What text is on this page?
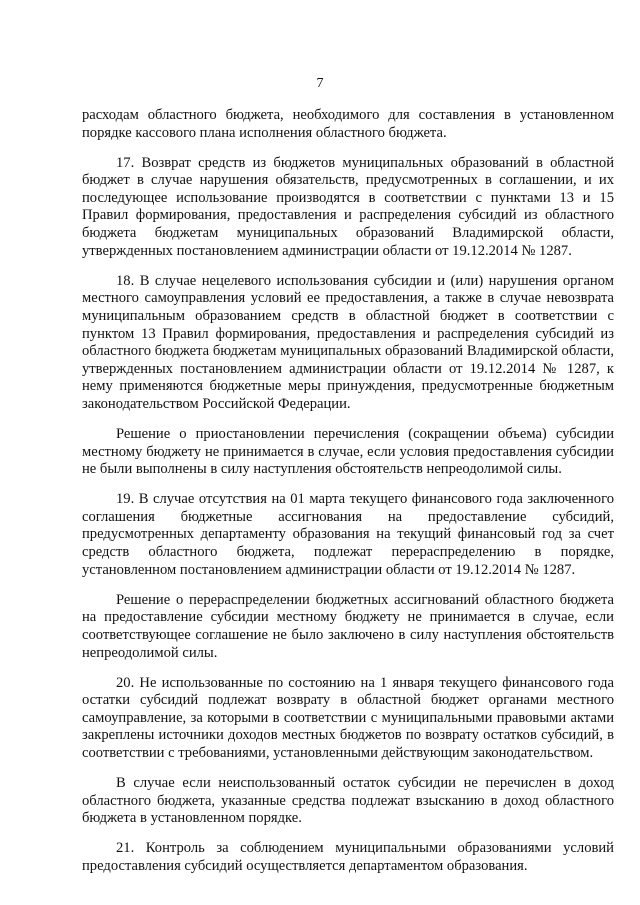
7

расходам областного бюджета, необходимого для составления в установленном порядке кассового плана исполнения областного бюджета.

17. Возврат средств из бюджетов муниципальных образований в областной бюджет в случае нарушения обязательств, предусмотренных в соглашении, и их последующее использование производятся в соответствии с пунктами 13 и 15 Правил формирования, предоставления и распределения субсидий из областного бюджета бюджетам муниципальных образований Владимирской области, утвержденных постановлением администрации области от 19.12.2014 № 1287.

18. В случае нецелевого использования субсидии и (или) нарушения органом местного самоуправления условий ее предоставления, а также в случае невозврата муниципальным образованием средств в областной бюджет в соответствии с пунктом 13 Правил формирования, предоставления и распределения субсидий из областного бюджета бюджетам муниципальных образований Владимирской области, утвержденных постановлением администрации области от 19.12.2014 № 1287, к нему применяются бюджетные меры принуждения, предусмотренные бюджетным законодательством Российской Федерации.

Решение о приостановлении перечисления (сокращении объема) субсидии местному бюджету не принимается в случае, если условия предоставления субсидии не были выполнены в силу наступления обстоятельств непреодолимой силы.

19. В случае отсутствия на 01 марта текущего финансового года заключенного соглашения бюджетные ассигнования на предоставление субсидий, предусмотренных департаменту образования на текущий финансовый год за счет средств областного бюджета, подлежат перераспределению в порядке, установленном постановлением администрации области от 19.12.2014 № 1287.

Решение о перераспределении бюджетных ассигнований областного бюджета на предоставление субсидии местному бюджету не принимается в случае, если соответствующее соглашение не было заключено в силу наступления обстоятельств непреодолимой силы.

20. Не использованные по состоянию на 1 января текущего финансового года остатки субсидий подлежат возврату в областной бюджет органами местного самоуправление, за которыми в соответствии с муниципальными правовыми актами закреплены источники доходов местных бюджетов по возврату остатков субсидий, в соответствии с требованиями, установленными действующим законодательством.

В случае если неиспользованный остаток субсидии не перечислен в доход областного бюджета, указанные средства подлежат взысканию в доход областного бюджета в установленном порядке.

21. Контроль за соблюдением муниципальными образованиями условий предоставления субсидий осуществляется департаментом образования.
